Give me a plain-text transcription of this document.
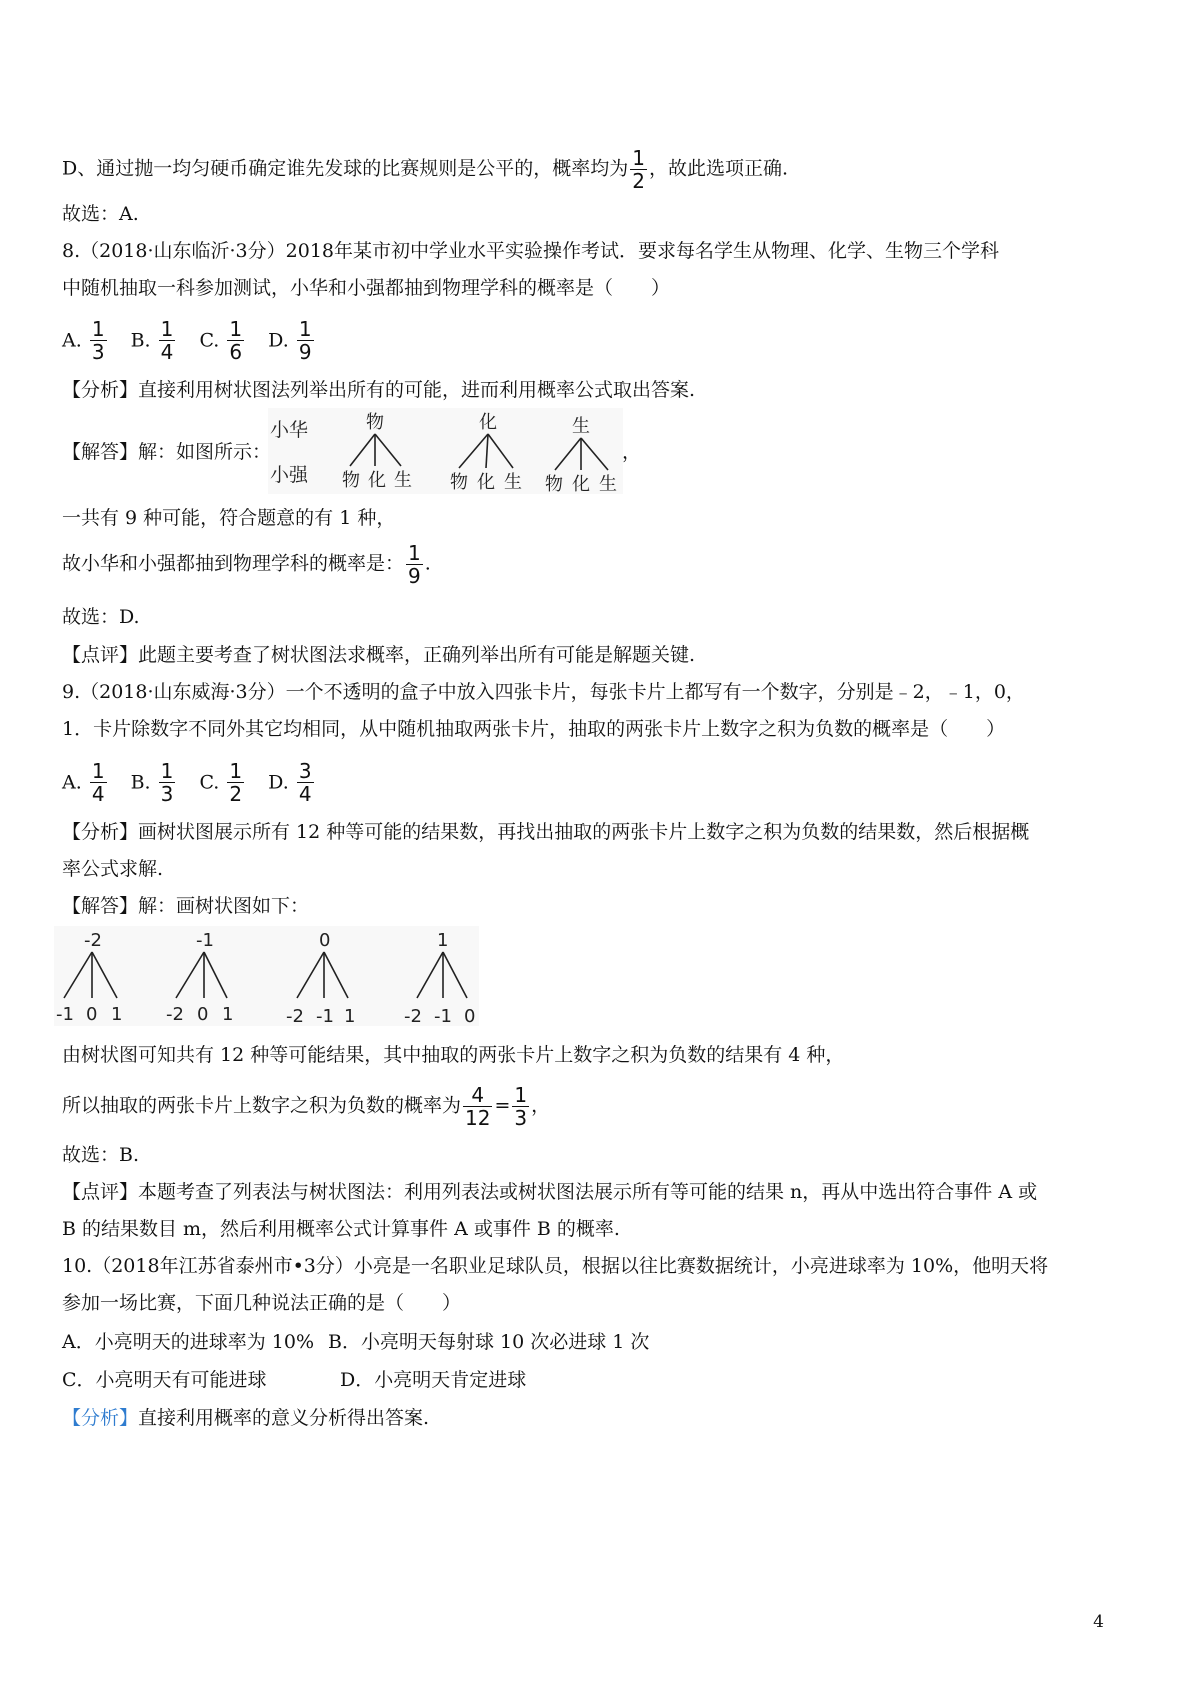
D、通过抛一均匀硬币确定谁先发球的比赛规则是公平的，概率均为 $\frac{1}{2}$ ，故此选项正确.
故选：A.
8.（2018·山东临沂·3分）2018年某市初中学业水平实验操作考试．要求每名学生从物理、化学、生物三个学科
中随机抽取一科参加测试，小华和小强都抽到物理学科的概率是（　　）
A. $\frac{1}{3} B$. $\frac{1}{4} C$. $\frac{1}{6} D$. $\frac{1}{9}$
【分析】直接利用树状图法列举出所有的可能，进而利用概率公式取出答案.
【解答】解：如图所示：
小华
小强
物
物 化 生
化
物 化 生
生
物 化 生
，
一共有 9 种可能，符合题意的有 1 种，
故小华和小强都抽到物理学科的概率是： $\frac{1}{9}$ .
故选：D.
【点评】此题主要考查了树状图法求概率，正确列举出所有可能是解题关键.
9.（2018·山东威海·3分）一个不透明的盒子中放入四张卡片，每张卡片上都写有一个数字，分别是﹣2，﹣1，0，
1．卡片除数字不同外其它均相同，从中随机抽取两张卡片，抽取的两张卡片上数字之积为负数的概率是（　　）
A. $\frac{1}{4} B$. $\frac{1}{3} C$. $\frac{1}{2} D$. $\frac{3}{4}$
【分析】画树状图展示所有 12 种等可能的结果数，再找出抽取的两张卡片上数字之积为负数的结果数，然后根据概
率公式求解.
【解答】解：画树状图如下：
-2
-1 0 1
-1
-2 0 1
0
-2 -1 1
1
-2 -1 0
由树状图可知共有 12 种等可能结果，其中抽取的两张卡片上数字之积为负数的结果有 4 种，
所以抽取的两张卡片上数字之积为负数的概率为 $\frac{4}{12} = \frac{1}{3}$ ，
故选：B.
【点评】本题考查了列表法与树状图法：利用列表法或树状图法展示所有等可能的结果 n，再从中选出符合事件 A 或
B 的结果数目 m，然后利用概率公式计算事件 A 或事件 B 的概率.
10.（2018年江苏省泰州市•3分）小亮是一名职业足球队员，根据以往比赛数据统计，小亮进球率为 10%，他明天将
参加一场比赛，下面几种说法正确的是（　　）
A．小亮明天的进球率为 10% B．小亮明天每射球 10 次必进球 1 次
C．小亮明天有可能进球	D．小亮明天肯定进球
【分析】直接利用概率的意义分析得出答案.
4
